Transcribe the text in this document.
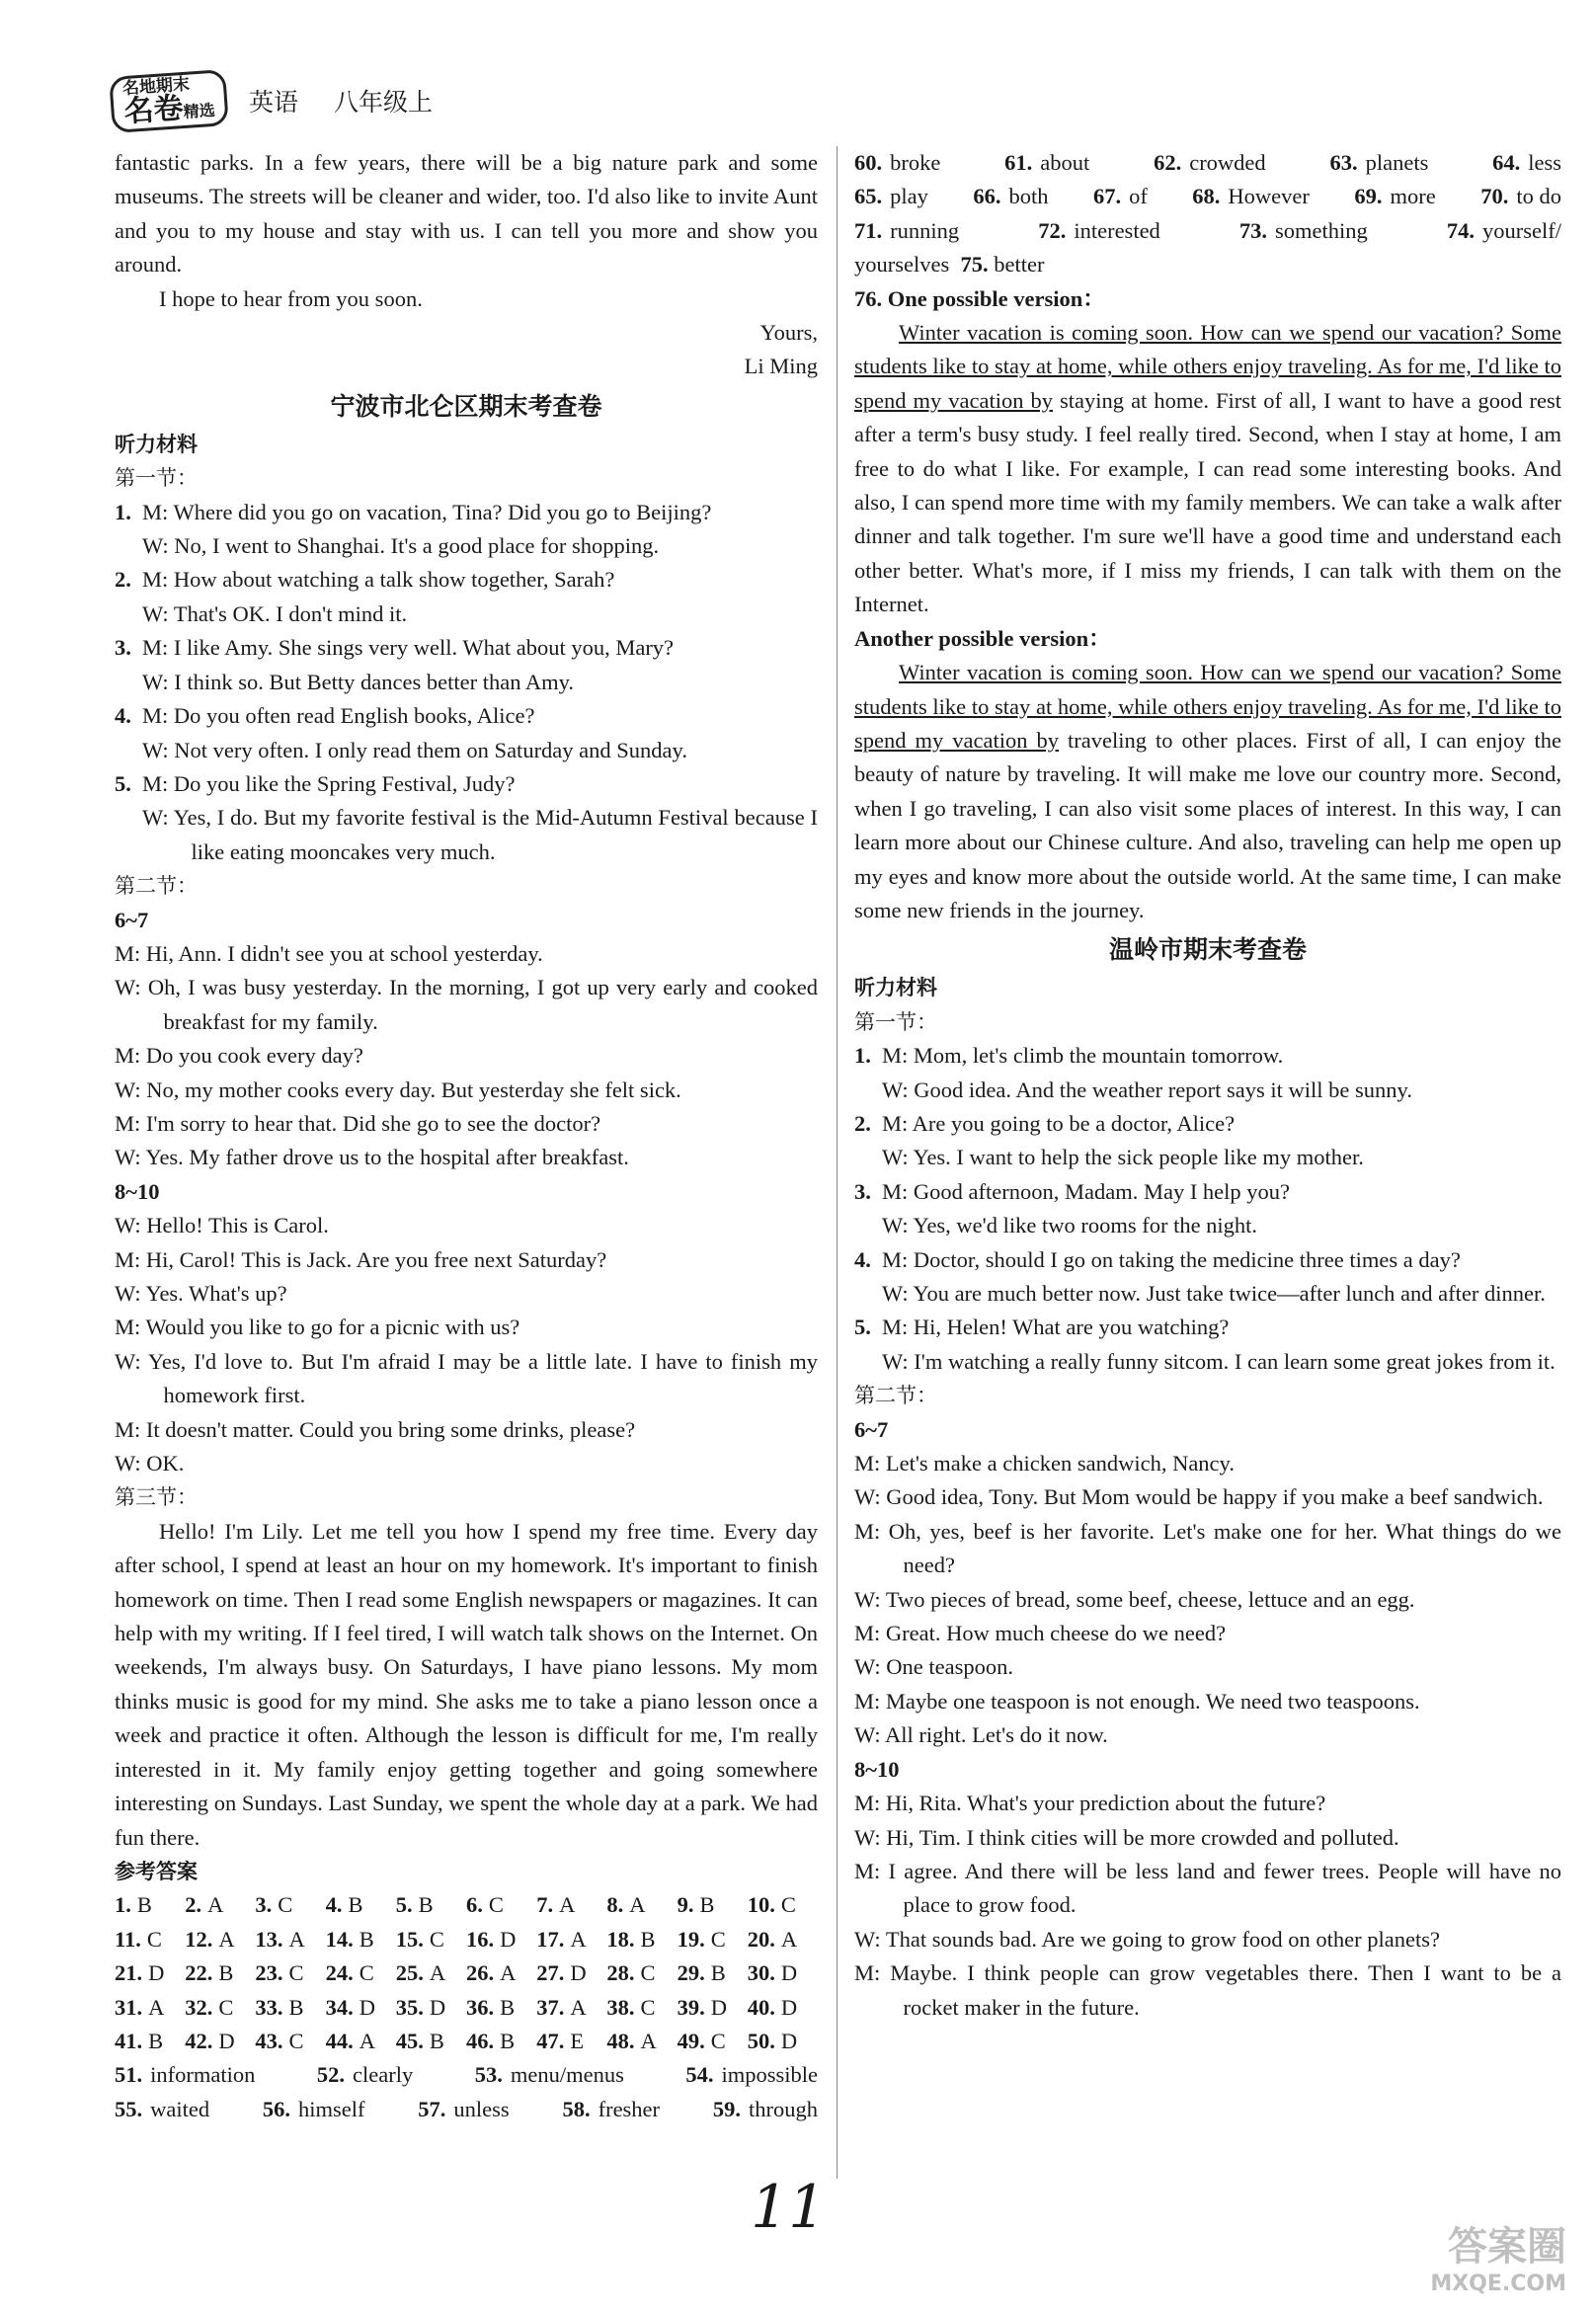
名地期末
名卷精选	英语 八年级上

fantastic parks. In a few years, there will be a big nature park and some museums. The streets will be cleaner and wider, too. I'd also like to invite Aunt and you to my house and stay with us. I can tell you more and show you around.

I hope to hear from you soon.

Yours,

Li Ming

宁波市北仑区期末考查卷

听力材料

第一节：

1. M: Where did you go on vacation, Tina? Did you go to Beijing?

W: No, I went to Shanghai. It's a good place for shopping.

2. M: How about watching a talk show together, Sarah?

W: That's OK. I don't mind it.

3. M: I like Amy. She sings very well. What about you, Mary?

W: I think so. But Betty dances better than Amy.

4. M: Do you often read English books, Alice?

W: Not very often. I only read them on Saturday and Sunday.

5. M: Do you like the Spring Festival, Judy?

W: Yes, I do. But my favorite festival is the Mid-Autumn Festival because I like eating mooncakes very much.

第二节：

6~7

M: Hi, Ann. I didn't see you at school yesterday.

W: Oh, I was busy yesterday. In the morning, I got up very early and cooked breakfast for my family.

M: Do you cook every day?

W: No, my mother cooks every day. But yesterday she felt sick.

M: I'm sorry to hear that. Did she go to see the doctor?

W: Yes. My father drove us to the hospital after breakfast.

8~10

W: Hello! This is Carol.

M: Hi, Carol! This is Jack. Are you free next Saturday?

W: Yes. What's up?

M: Would you like to go for a picnic with us?

W: Yes, I'd love to. But I'm afraid I may be a little late. I have to finish my homework first.

M: It doesn't matter. Could you bring some drinks, please?

W: OK.

第三节：

Hello! I'm Lily. Let me tell you how I spend my free time. Every day after school, I spend at least an hour on my homework. It's important to finish homework on time. Then I read some English newspapers or magazines. It can help with my writing. If I feel tired, I will watch talk shows on the Internet. On weekends, I'm always busy. On Saturdays, I have piano lessons. My mom thinks music is good for my mind. She asks me to take a piano lesson once a week and practice it often. Although the lesson is difficult for me, I'm really interested in it. My family enjoy getting together and going somewhere interesting on Sundays. Last Sunday, we spent the whole day at a park. We had fun there.

参考答案

1. B	2. A	3. C	4. B	5. B	6. C	7. A	8. A	9. B	10. C
11. C	12. A 13. A 14. B 15. C 16. D 17. A 18. B 19. C 20. A
21. D 22. B 23. C 24. C 25. A 26. A 27. D 28. C 29. B 30. D
31. A 32. C 33. B 34. D 35. D 36. B 37. A 38. C 39. D 40. D
41. B 42. D 43. C 44. A 45. B 46. B 47. E	48. A 49. C 50. D
51. information	52. clearly	53. menu/menus	54. impossible
55. waited 56. himself 57. unless 58. fresher 59. through
60. broke	61. about	62. crowded	63. planets	64. less
65. play 66. both 67. of 68. However 69. more 70. to do
71. running	72. interested	73. something	74. yourself/

yourselves 75. better

76. One possible version：

Winter vacation is coming soon. How can we spend our vacation? Some students like to stay at home, while others enjoy traveling. As for me, I'd like to spend my vacation by staying at home. First of all, I want to have a good rest after a term's busy study. I feel really tired. Second, when I stay at home, I am free to do what I like. For example, I can read some interesting books. And also, I can spend more time with my family members. We can take a walk after dinner and talk together. I'm sure we'll have a good time and understand each other better. What's more, if I miss my friends, I can talk with them on the Internet.

Another possible version：

Winter vacation is coming soon. How can we spend our vacation? Some students like to stay at home, while others enjoy traveling. As for me, I'd like to spend my vacation by traveling to other places. First of all, I can enjoy the beauty of nature by traveling. It will make me love our country more. Second, when I go traveling, I can also visit some places of interest. In this way, I can learn more about our Chinese culture. And also, traveling can help me open up my eyes and know more about the outside world. At the same time, I can make some new friends in the journey.

温岭市期末考查卷

听力材料

第一节：

1. M: Mom, let's climb the mountain tomorrow.

W: Good idea. And the weather report says it will be sunny.

2. M: Are you going to be a doctor, Alice?

W: Yes. I want to help the sick people like my mother.

3. M: Good afternoon, Madam. May I help you?

W: Yes, we'd like two rooms for the night.

4. M: Doctor, should I go on taking the medicine three times a day?

W: You are much better now. Just take twice—after lunch and after dinner.

5. M: Hi, Helen! What are you watching?

W: I'm watching a really funny sitcom. I can learn some great jokes from it.

第二节：

6~7

M: Let's make a chicken sandwich, Nancy.

W: Good idea, Tony. But Mom would be happy if you make a beef sandwich.

M: Oh, yes, beef is her favorite. Let's make one for her. What things do we need?

W: Two pieces of bread, some beef, cheese, lettuce and an egg.

M: Great. How much cheese do we need?

W: One teaspoon.

M: Maybe one teaspoon is not enough. We need two teaspoons.

W: All right. Let's do it now.

8~10

M: Hi, Rita. What's your prediction about the future?

W: Hi, Tim. I think cities will be more crowded and polluted.

M: I agree. And there will be less land and fewer trees. People will have no place to grow food.

W: That sounds bad. Are we going to grow food on other planets?

M: Maybe. I think people can grow vegetables there. Then I want to be a rocket maker in the future.

11
答案圈
MXQE.COM
